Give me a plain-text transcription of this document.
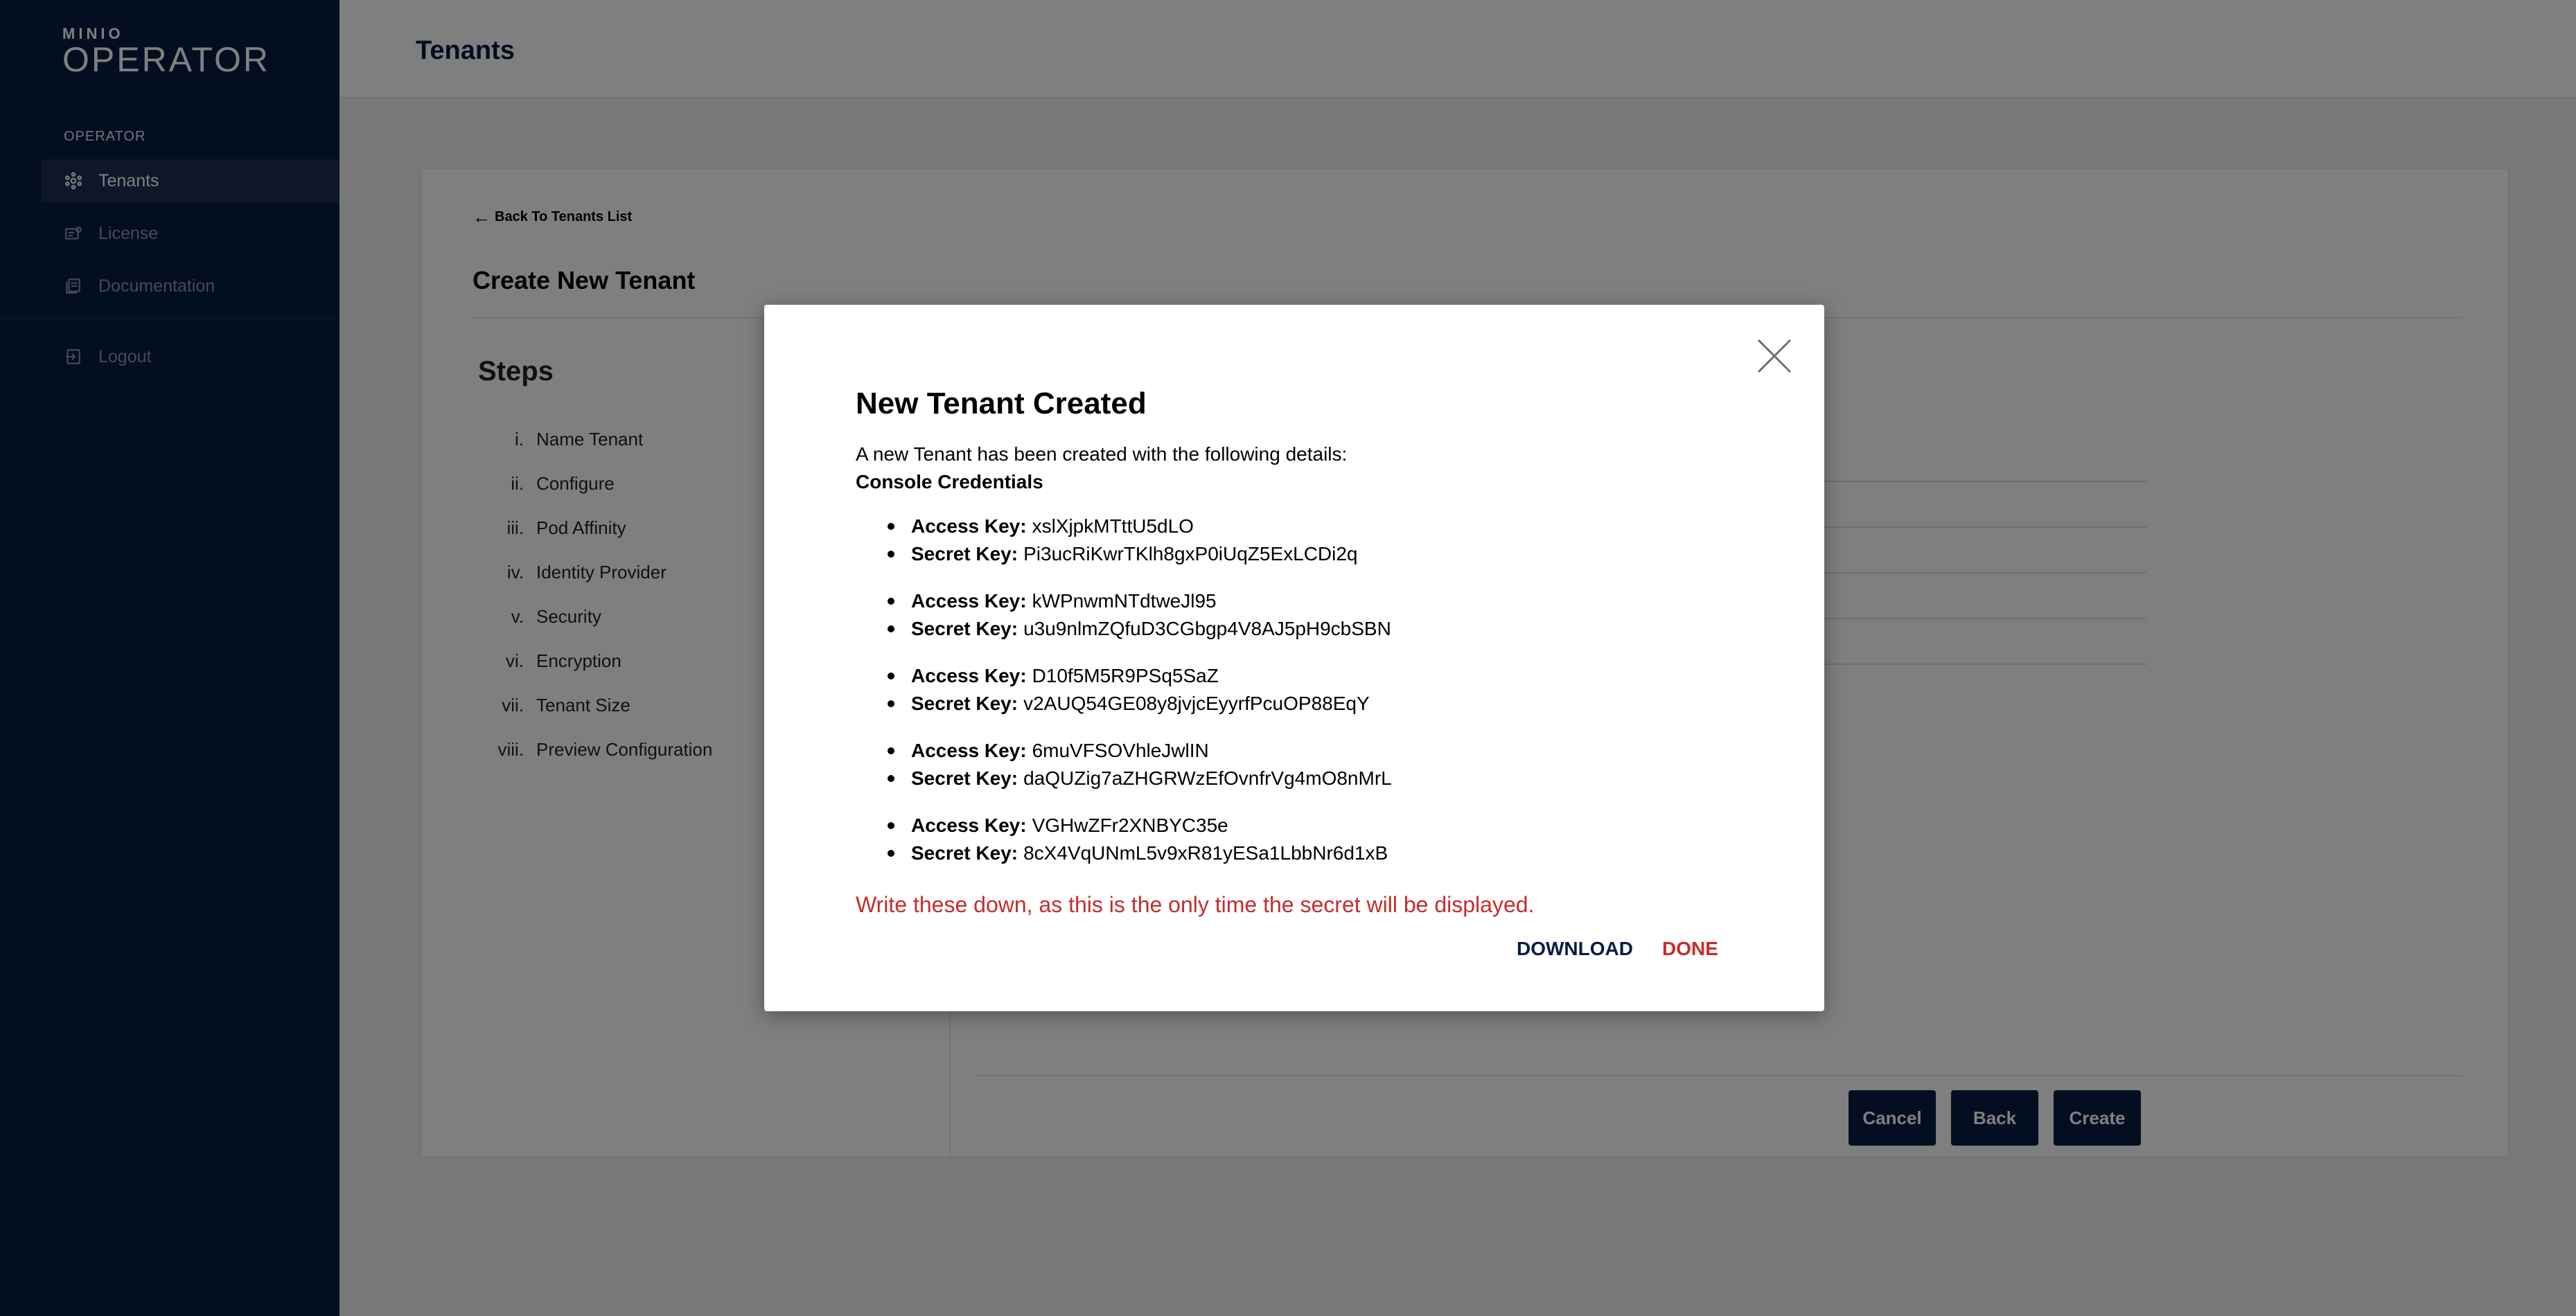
New Tenant Created
A new Tenant has been created with the following details:
Console Credentials
Access Key: xslXjpkMTttU5dLO
Secret Key: Pi3ucRiKwrTKlh8gxP0iUqZ5ExLCDi2q
Access Key: kWPnwmNTdtweJl95
Secret Key: u3u9nlmZQfuD3CGbgp4V8AJ5pH9cbSBN
Access Key: D10f5M5R9PSq5SaZ
Secret Key: v2AUQ54GE08y8jvjcEyyrfPcuOP88EqY
Access Key: 6muVFSOVhleJwlIN
Secret Key: daQUZig7aZHGRWzEfOvnfrVg4mO8nMrL
Access Key: VGHwZFr2XNBYC35e
Secret Key: 8cX4VqUNmL5v9xR81yESa1LbbNr6d1xB
Write these down, as this is the only time the secret will be displayed.
DOWNLOAD DONE
